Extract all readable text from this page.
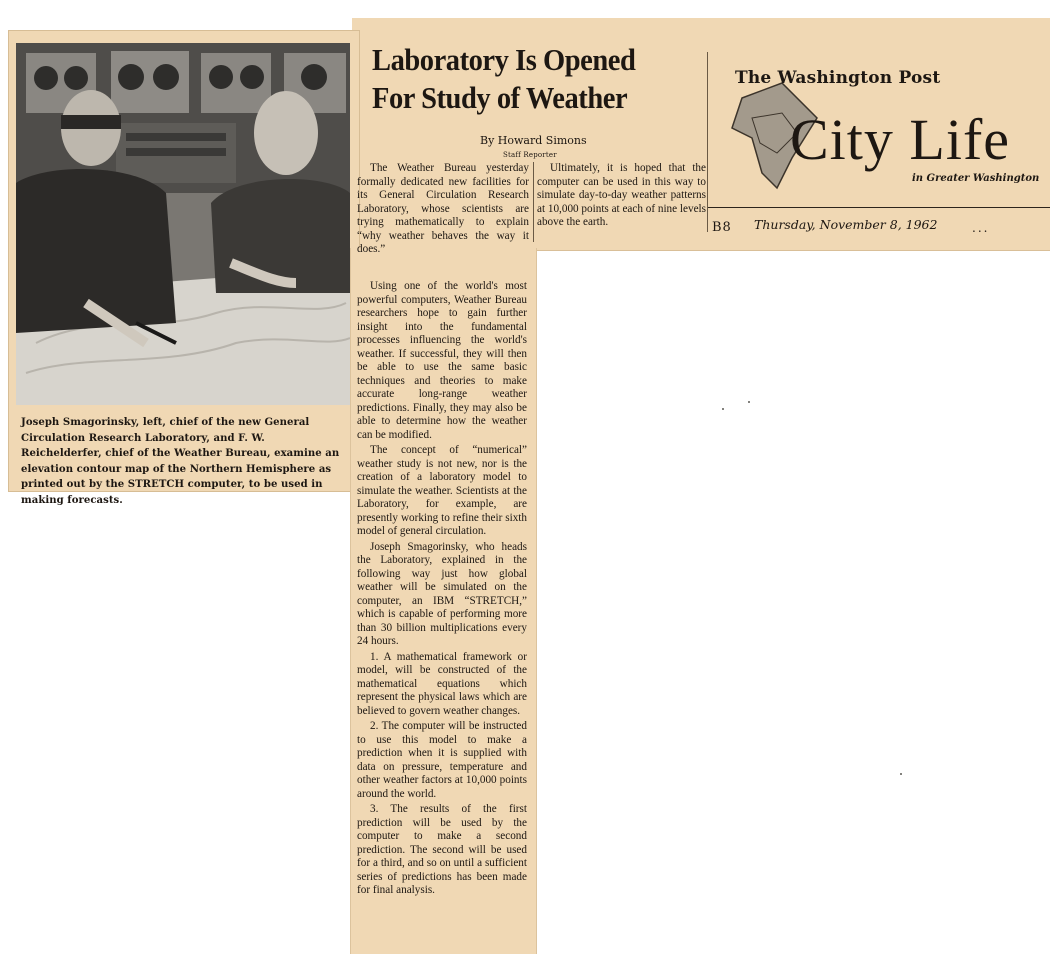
Joseph Smagorinsky, left, chief of the new General Circulation Research Laboratory, and F. W. Reichelderfer, chief of the Weather Bureau, examine an elevation contour map of the Northern Hemisphere as printed out by the STRETCH computer, to be used in making forecasts.

Laboratory Is Opened
For Study of Weather
By Howard Simons
Staff Reporter

The Weather Bureau yesterday formally dedicated new facilities for its General Circulation Research Laboratory, whose scientists are trying mathematically to explain “why weather behaves the way it does.”

Ultimately, it is hoped that the computer can be used in this way to simulate day-to-day weather patterns at 10,000 points at each of nine levels above the earth.

Using one of the world's most powerful computers, Weather Bureau researchers hope to gain further insight into the fundamental processes influencing the world's weather. If successful, they will then be able to use the same basic techniques and theories to make accurate long-range weather predictions. Finally, they may also be able to determine how the weather can be modified.

The concept of “numerical” weather study is not new, nor is the creation of a laboratory model to simulate the weather. Scientists at the Laboratory, for example, are presently working to refine their sixth model of general circulation.

Joseph Smagorinsky, who heads the Laboratory, explained in the following way just how global weather will be simulated on the computer, an IBM “STRETCH,” which is capable of performing more than 30 billion multiplications every 24 hours.

1. A mathematical framework or model, will be constructed of the mathematical equations which represent the physical laws which are believed to govern weather changes.

2. The computer will be instructed to use this model to make a prediction when it is supplied with data on pressure, temperature and other weather factors at 10,000 points around the world.

3. The results of the first prediction will be used by the computer to make a second prediction. The second will be used for a third, and so on until a sufficient series of predictions has been made for final analysis.

The Washington Post
City Life
in Greater Washington
B8 Thursday, November 8, 1962	...
